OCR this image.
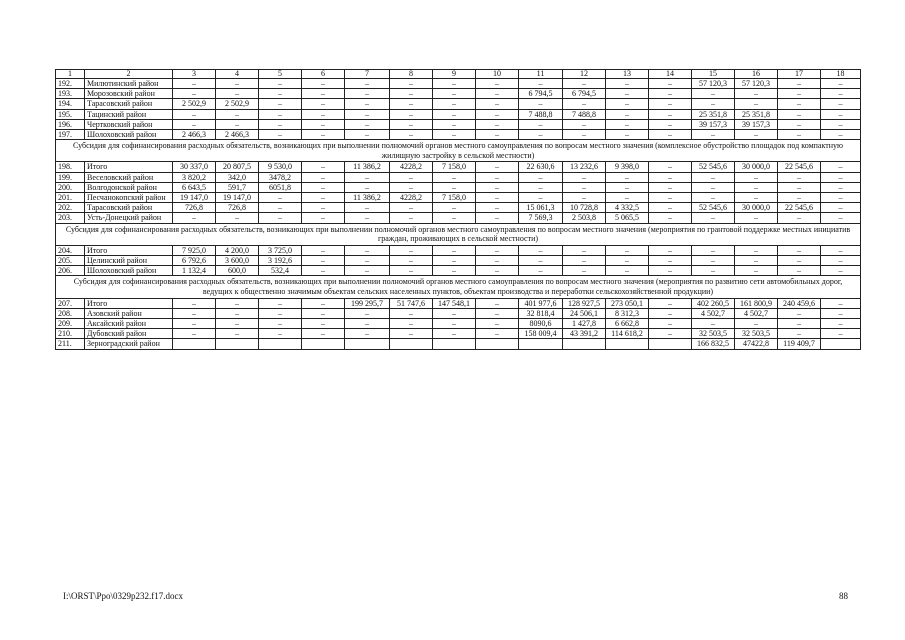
1	2	3	4	5	6	7	8	9	10	11	12	13	14	15	16	17	18
192.	Милютинский район	–	–	–	–	–	–	–	–	–	–	–	–	57 120,3	57 120,3	–	–
193.	Морозовский район	–	–	–	–	–	–	–	–	6 794,5	6 794,5	–	–	–	–	–	–
194.	Тарасовский район	2 502,9	2 502,9	–	–	–	–	–	–	–	–	–	–	–	–	–	–
195.	Тацинский район	–	–	–	–	–	–	–	–	7 488,8	7 488,8	–	–	25 351,8	25 351,8	–	–
196.	Чертковский район	–	–	–	–	–	–	–	–	–	–	–	–	39 157,3	39 157,3	–	–
197.	Шолоховский район	2 466,3	2 466,3	–	–	–	–	–	–	–	–	–	–	–	–	–	–
Субсидия для софинансирования расходных обязательств, возникающих при выполнении полномочий органов местного самоуправления по вопросам местного значения (комплексное обустройство площадок под компактную жилищную застройку в сельской местности)																	
198.	Итого	30 337,0	20 807,5	9 530,0	–	11 386,2	4228,2	7 158,0	–	22 630,6	13 232,6	9 398,0	–	52 545,6	30 000,0	22 545,6	–
199.	Веселовский район	3 820,2	342,0	3478,2	–	–	–	–	–	–	–	–	–	–	–	–	–
200.	Волгодонской район	6 643,5	591,7	6051,8	–	–	–	–	–	–	–	–	–	–	–	–	–
201.	Песчанокопский район	19 147,0	19 147,0	–	–	11 386,2	4228,2	7 158,0	–	–	–	–	–	–	–	–	–
202.	Тарасовский район	726,8	726,8	–	–	–	–	–	–	15 061,3	10 728,8	4 332,5	–	52 545,6	30 000,0	22 545,6	–
203.	Усть-Донецкий район	–	–	–	–	–	–	–	–	7 569,3	2 503,8	5 065,5	–	–	–	–	–
Субсидия для софинансирования расходных обязательств, возникающих при выполнении полномочий органов местного самоуправления по вопросам местного значения (мероприятия по грантовой поддержке местных инициатив граждан, проживающих в сельской местности)																	
204.	Итого	7 925,0	4 200,0	3 725,0	–	–	–	–	–	–	–	–	–	–	–	–	–
205.	Целинский район	6 792,6	3 600,0	3 192,6	–	–	–	–	–	–	–	–	–	–	–	–	–
206.	Шолоховский район	1 132,4	600,0	532,4	–	–	–	–	–	–	–	–	–	–	–	–	–
Субсидия для софинансирования расходных обязательств, возникающих при выполнении полномочий органов местного самоуправления по вопросам местного значения (мероприятия по развитию сети автомобильных дорог, ведущих к общественно значимым объектам сельских населенных пунктов, объектам производства и переработки сельскохозяйственной продукции)																	
207.	Итого	–	–	–	–	199 295,7	51 747,6	147 548,1	–	401 977,6	128 927,5	273 050,1	–	402 260,5	161 800,9	240 459,6	–
208.	Азовский район	–	–	–	–	–	–	–	–	32 818,4	24 506,1	8 312,3	–	4 502,7	4 502,7	–	–
209.	Аксайский район	–	–	–	–	–	–	–	–	8090,6	1 427,8	6 662,8	–	–	–	–	–
210.	Дубовский район	–	–	–	–	–	–	–	–	158 009,4	43 391,2	114 618,2	–	32 503,5	32 503,5	–	–
211.	Зерноградский район													166 832,5	47422,8	119 409,7	
I:\ORST\Ppo\0329p232.f17.docx	88
